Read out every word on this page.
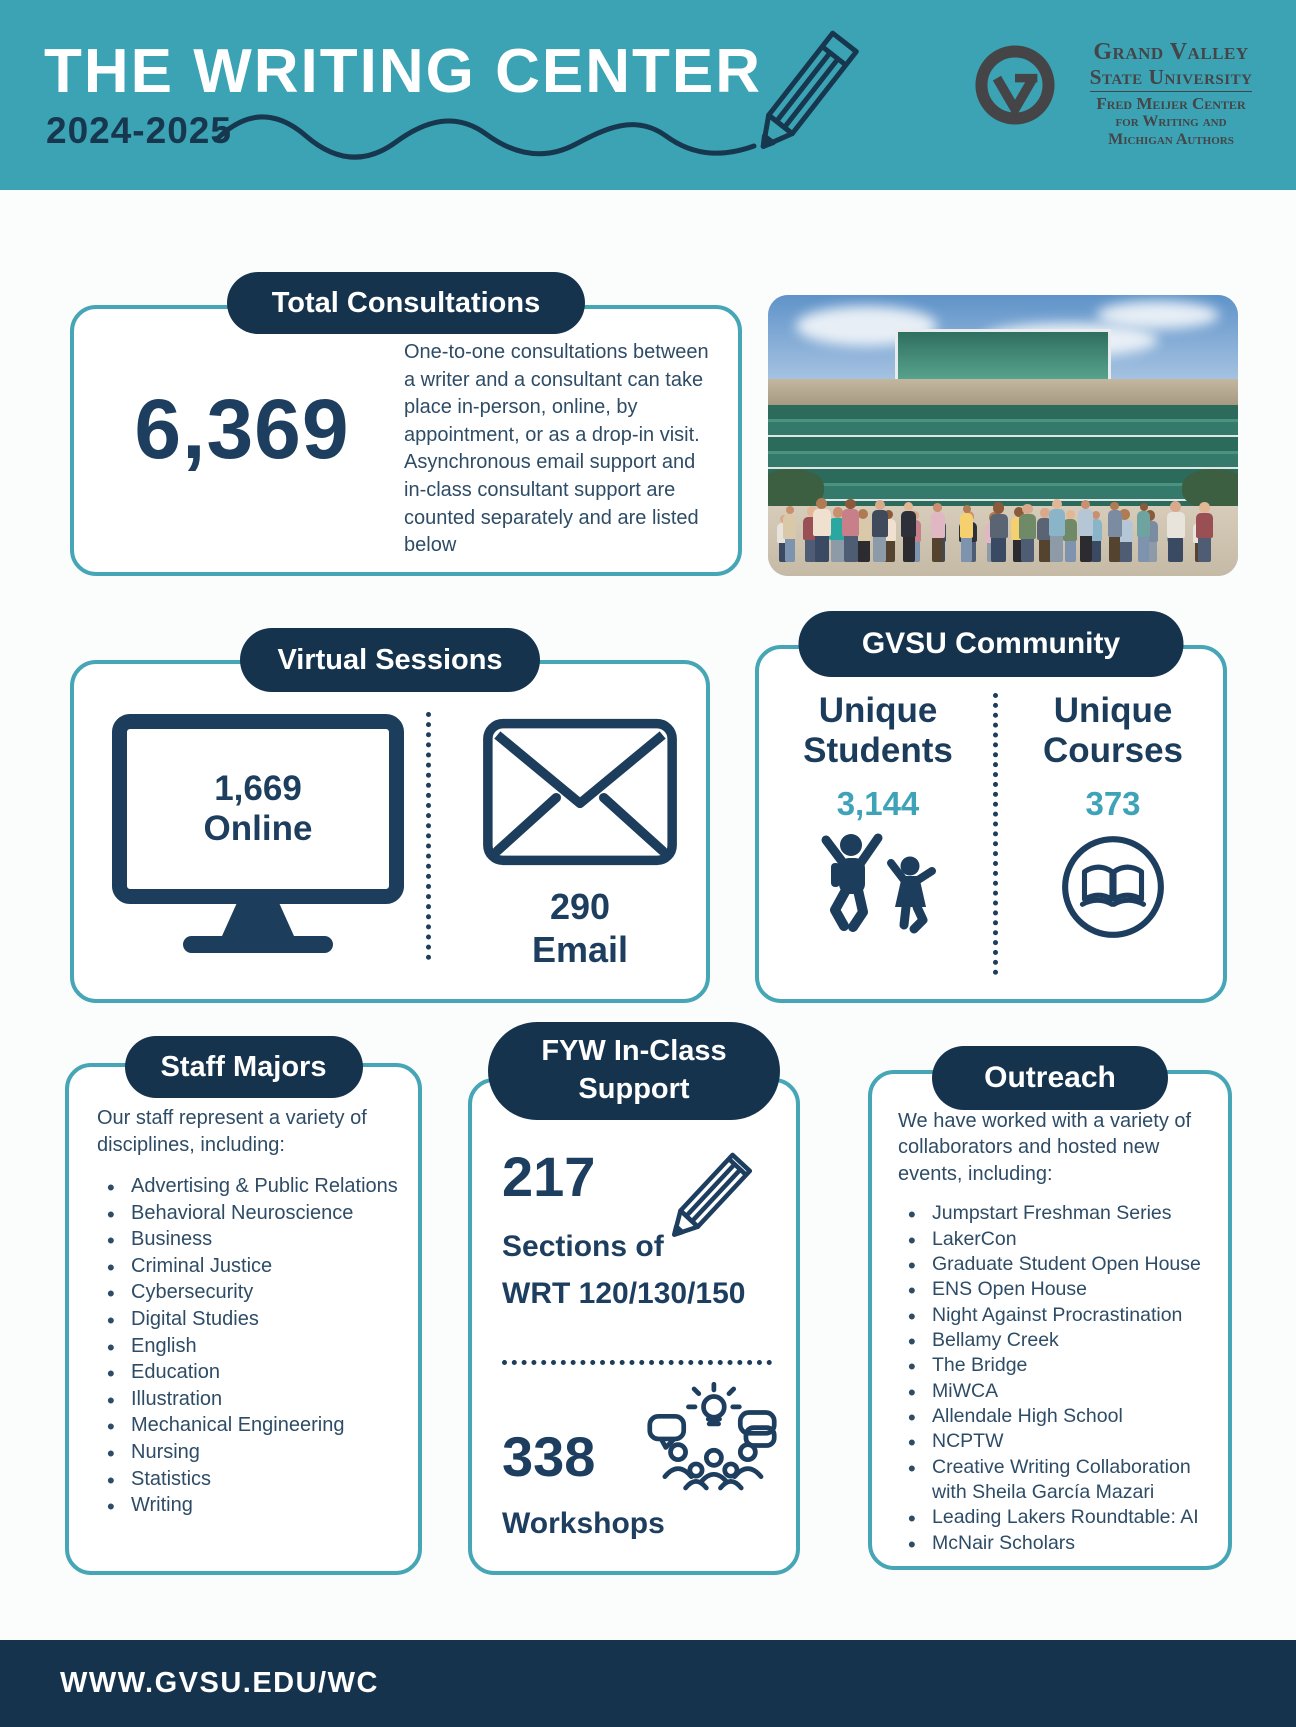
THE WRITING CENTER
2024-2025
Grand Valley
State University
Fred Meijer Center
for Writing and
Michigan Authors
Total Consultations
6,369
One-to-one consultations between a writer and a consultant can take place in-person, online, by appointment, or as a drop-in visit. Asynchronous email support and in-class consultant support are counted separately and are listed below
Virtual Sessions
1,669
Online
290
Email
GVSU Community
Unique Students
3,144
Unique Courses
373
Staff Majors
Our staff represent a variety of disciplines, including:
• Advertising & Public Relations
• Behavioral Neuroscience
• Business
• Criminal Justice
• Cybersecurity
• Digital Studies
• English
• Education
• Illustration
• Mechanical Engineering
• Nursing
• Statistics
• Writing
FYW In-Class
Support
217
Sections of
WRT 120/130/150
338
Workshops
Outreach
We have worked with a variety of collaborators and hosted new events, including:
• Jumpstart Freshman Series
• LakerCon
• Graduate Student Open House
• ENS Open House
• Night Against Procrastination
• Bellamy Creek
• The Bridge
• MiWCA
• Allendale High School
• NCPTW
• Creative Writing Collaboration with Sheila García Mazari
• Leading Lakers Roundtable: AI
• McNair Scholars
WWW.GVSU.EDU/WC
